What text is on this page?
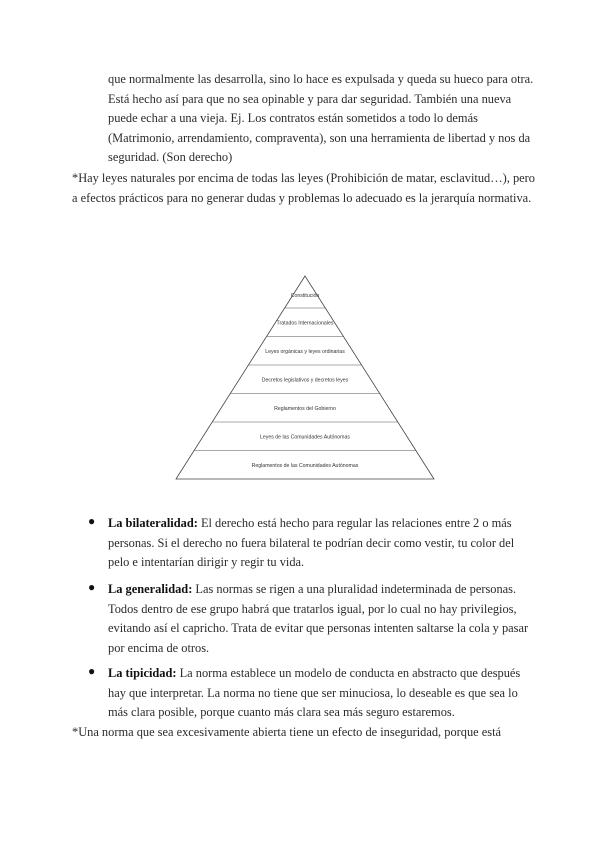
que normalmente las desarrolla, sino lo hace es expulsada y queda su hueco para otra. Está hecho así para que no sea opinable y para dar seguridad. También una nueva puede echar a una vieja. Ej. Los contratos están sometidos a todo lo demás (Matrimonio, arrendamiento, compraventa), son una herramienta de libertad y nos da seguridad. (Son derecho)

*Hay leyes naturales por encima de todas las leyes (Prohibición de matar, esclavitud…), pero a efectos prácticos para no generar dudas y problemas lo adecuado es la jerarquía normativa.

Constitución
Tratados Internacionales
Leyes orgánicas y leyes ordinarias
Decretos legislativos y decretos leyes
Reglamentos del Gobierno
Leyes de las Comunidades Autónomas
Reglamentos de las Comunidades Autónomas
● La bilateralidad: El derecho está hecho para regular las relaciones entre 2 o más personas. Si el derecho no fuera bilateral te podrían decir como vestir, tu color del pelo e intentarían dirigir y regir tu vida.
● La generalidad: Las normas se rigen a una pluralidad indeterminada de personas. Todos dentro de ese grupo habrá que tratarlos igual, por lo cual no hay privilegios, evitando así el capricho. Trata de evitar que personas intenten saltarse la cola y pasar por encima de otros.
● La tipicidad: La norma establece un modelo de conducta en abstracto que después hay que interpretar. La norma no tiene que ser minuciosa, lo deseable es que sea lo más clara posible, porque cuanto más clara sea más seguro estaremos.

*Una norma que sea excesivamente abierta tiene un efecto de inseguridad, porque está
